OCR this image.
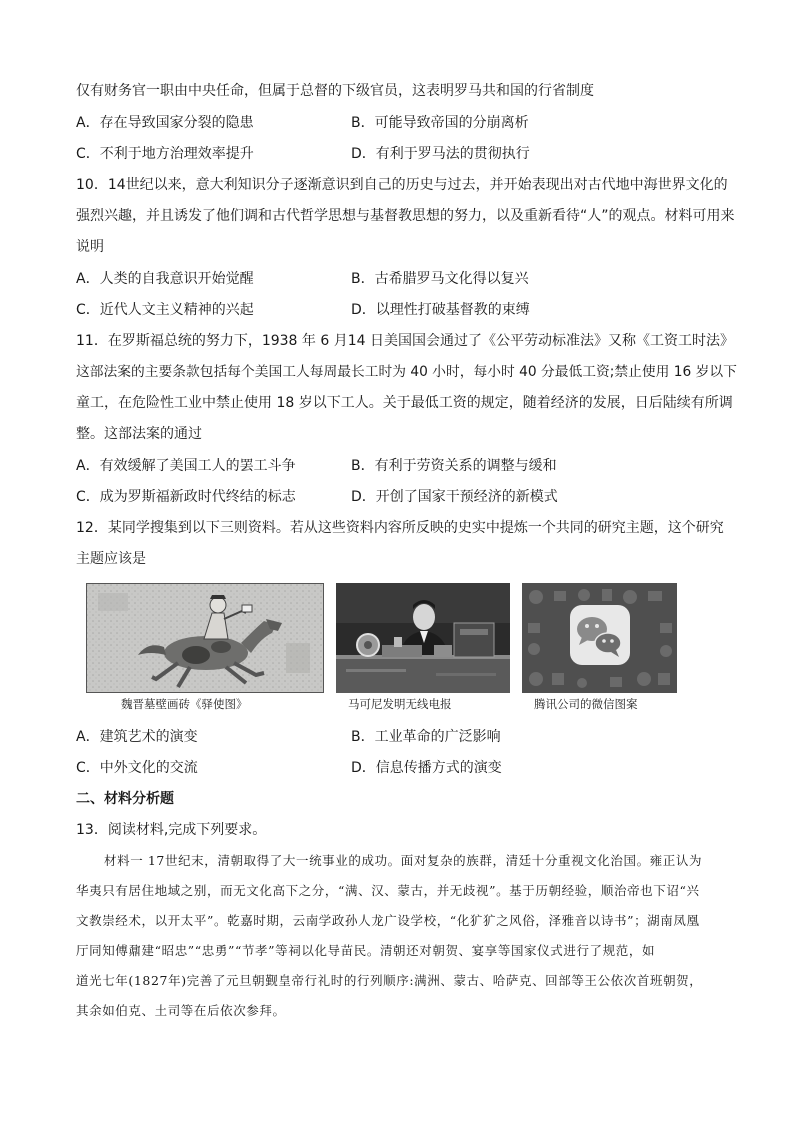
仅有财务官一职由中央任命，但属于总督的下级官员，这表明罗马共和国的行省制度
A．存在导致国家分裂的隐患	B．可能导致帝国的分崩离析
C．不利于地方治理效率提升	D．有利于罗马法的贯彻执行
10．14世纪以来，意大利知识分子逐渐意识到自己的历史与过去，并开始表现出对古代地中海世界文化的
强烈兴趣，并且诱发了他们调和古代哲学思想与基督教思想的努力，以及重新看待“人”的观点。材料可用来
说明
A．人类的自我意识开始觉醒	B．古希腊罗马文化得以复兴
C．近代人文主义精神的兴起	D．以理性打破基督教的束缚
11．在罗斯福总统的努力下，1938 年 6 月14 日美国国会通过了《公平劳动标准法》又称《工资工时法》
这部法案的主要条款包括每个美国工人每周最长工时为 40 小时，每小时 40 分最低工资;禁止使用 16 岁以下
童工，在危险性工业中禁止使用 18 岁以下工人。关于最低工资的规定，随着经济的发展，日后陆续有所调
整。这部法案的通过
A．有效缓解了美国工人的罢工斗争	B．有利于劳资关系的调整与缓和
C．成为罗斯福新政时代终结的标志	D．开创了国家干预经济的新模式
12．某同学搜集到以下三则资料。若从这些资料内容所反映的史实中提炼一个共同的研究主题，这个研究
主题应该是
魏晋墓壁画砖《驿使图》	马可尼发明无线电报	腾讯公司的微信图案
A．建筑艺术的演变	B．工业革命的广泛影响
C．中外文化的交流	D．信息传播方式的演变
二、材料分析题
13．阅读材料,完成下列要求。
材料一 17世纪末，清朝取得了大一统事业的成功。面对复杂的族群，清廷十分重视文化治国。雍正认为
华夷只有居住地域之别，而无文化高下之分，“满、汉、蒙古，并无歧视”。基于历朝经验，顺治帝也下诏“兴
文教崇经术，以开太平”。乾嘉时期，云南学政孙人龙广设学校，“化犷犷之风俗，泽雅音以诗书”；湖南凤凰
厅同知傅鼐建“昭忠”“忠勇”“节孝”等祠以化导苗民。清朝还对朝贺、宴享等国家仪式进行了规范，如
道光七年(1827年)完善了元旦朝觐皇帝行礼时的行列顺序:满洲、蒙古、哈萨克、回部等王公依次首班朝贺，
其余如伯克、土司等在后依次参拜。
